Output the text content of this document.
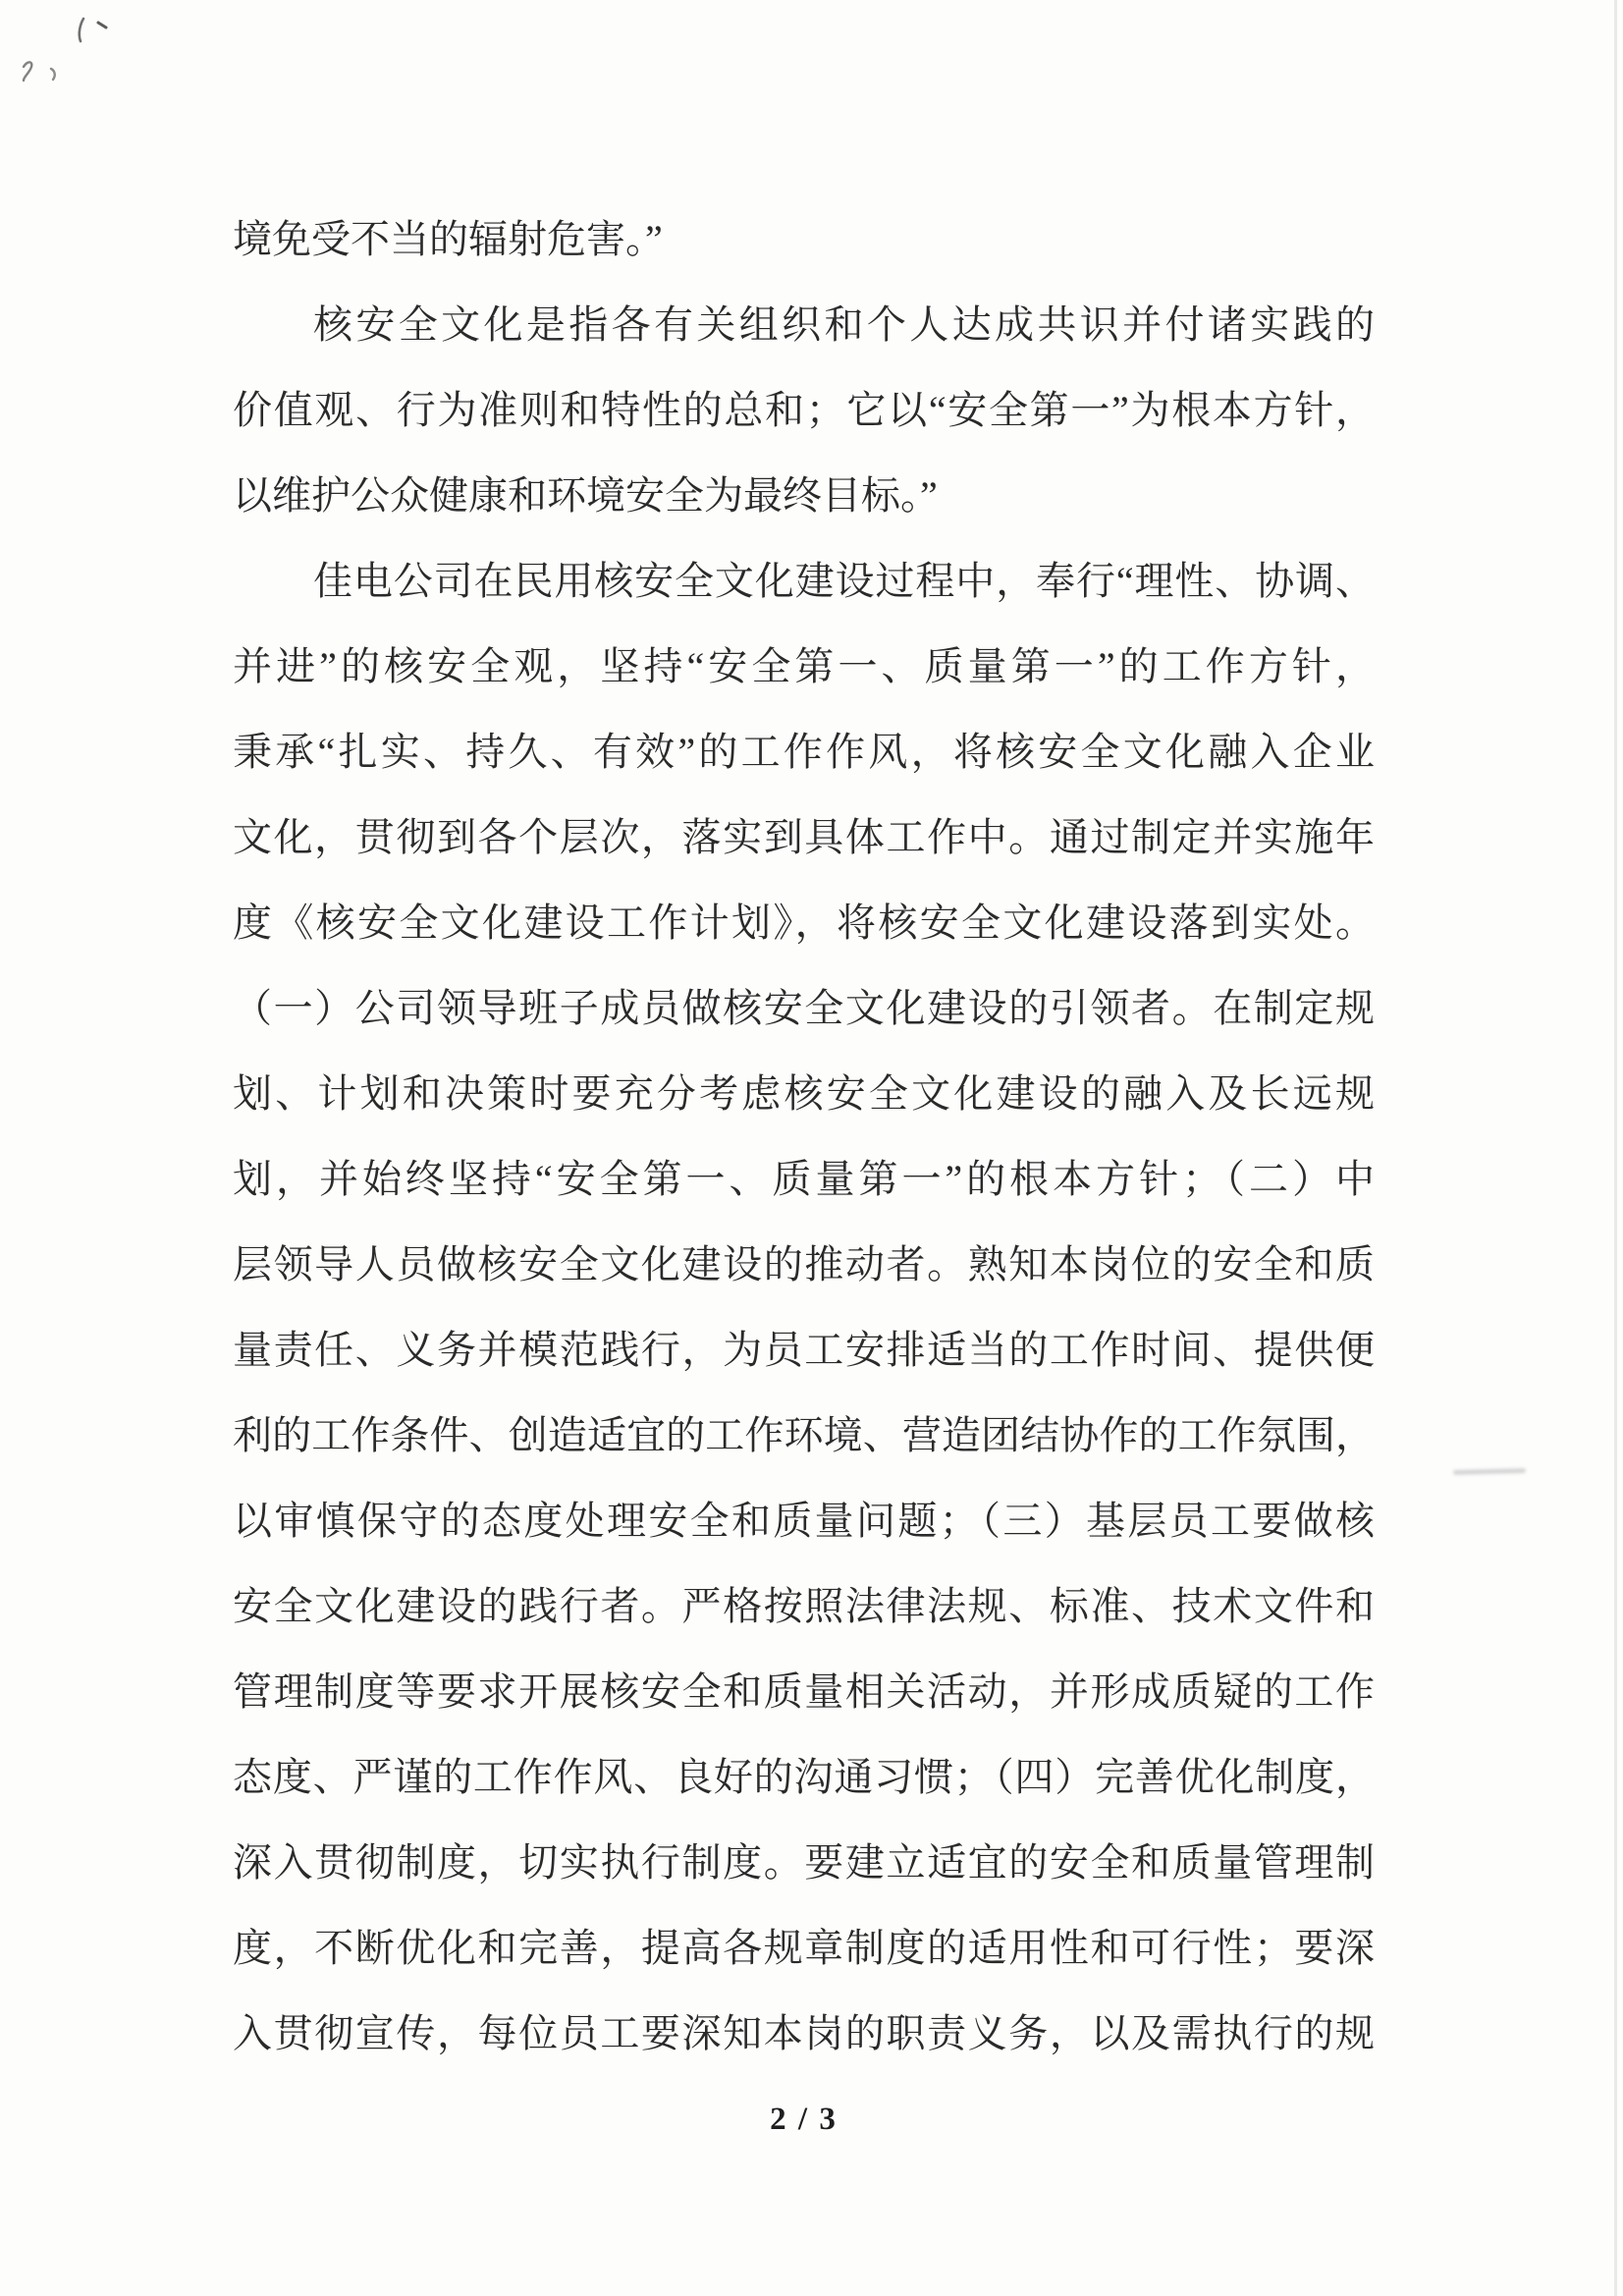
境免受不当的辐射危害。”
核安全文化是指各有关组织和个人达成共识并付诸实践的
价值观、行为准则和特性的总和；它以“安全第一”为根本方针，
以维护公众健康和环境安全为最终目标。”
佳电公司在民用核安全文化建设过程中，奉行“理性、协调、
并进”的核安全观，坚持“安全第一、质量第一”的工作方针，
秉承“扎实、持久、有效”的工作作风，将核安全文化融入企业
文化，贯彻到各个层次，落实到具体工作中。通过制定并实施年
度《核安全文化建设工作计划》，将核安全文化建设落到实处。
（一）公司领导班子成员做核安全文化建设的引领者。在制定规
划、计划和决策时要充分考虑核安全文化建设的融入及长远规
划，并始终坚持“安全第一、质量第一”的根本方针；（二）中
层领导人员做核安全文化建设的推动者。熟知本岗位的安全和质
量责任、义务并模范践行，为员工安排适当的工作时间、提供便
利的工作条件、创造适宜的工作环境、营造团结协作的工作氛围，
以审慎保守的态度处理安全和质量问题；（三）基层员工要做核
安全文化建设的践行者。严格按照法律法规、标准、技术文件和
管理制度等要求开展核安全和质量相关活动，并形成质疑的工作
态度、严谨的工作作风、良好的沟通习惯；（四）完善优化制度，
深入贯彻制度，切实执行制度。要建立适宜的安全和质量管理制
度，不断优化和完善，提高各规章制度的适用性和可行性；要深
入贯彻宣传，每位员工要深知本岗的职责义务，以及需执行的规
2 / 3
